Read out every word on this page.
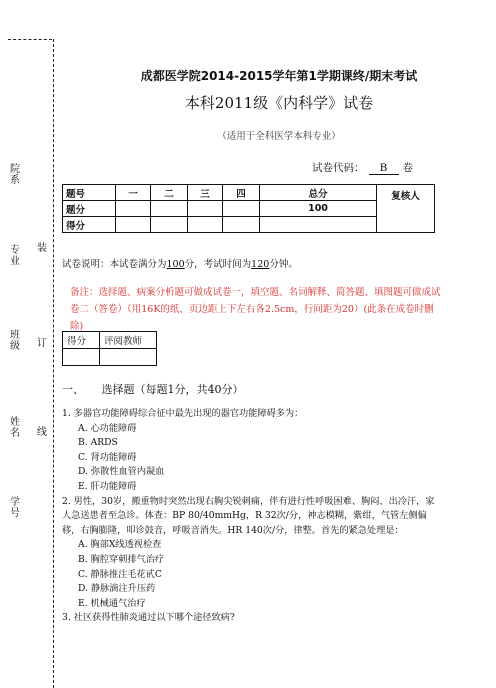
院系
专业
班级
姓名
学号
装
订
线
成都医学院2014-2015学年第1学期课终/期末考试
本科2011级《内科学》试卷
（适用于全科医学本科专业）
试卷代码： B 卷
题号	一	二	三	四	总分	复核人
题分					100	
得分						
试卷说明：本试卷满分为100分，考试时间为120分钟。
备注：选择题、病案分析题可做成试卷一，填空题、名词解释、简答题、填图题可做成试卷二（答卷）（用16K的纸，页边距上下左右各2.5cm，行间距为20）(此条在成卷时删除)
得分	评阅教师

一、 选择题（每题1分，共40分）

1. 多器官功能障碍综合征中最先出现的器官功能障碍多为：

A. 心功能障碍

B. ARDS

C. 肾功能障碍

D. 弥散性血管内凝血

E. 肝功能障碍

2. 男性，30岁，搬重物时突然出现右胸尖锐刺痛，伴有进行性呼吸困难、胸闷、出冷汗，家人急送患者至急诊。体查：BP 80/40mmHg，R 32次/分，神志模糊，紫绀，气管左侧偏移，右胸膨隆，叩诊鼓音，呼吸音消失。HR 140次/分，律整。首先的紧急处理是：

A. 胸部X线透视检查

B. 胸腔穿刺排气治疗

C. 静脉推注毛花甙C

D. 静脉滴注升压药

E. 机械通气治疗

3. 社区获得性肺炎通过以下哪个途径致病?
